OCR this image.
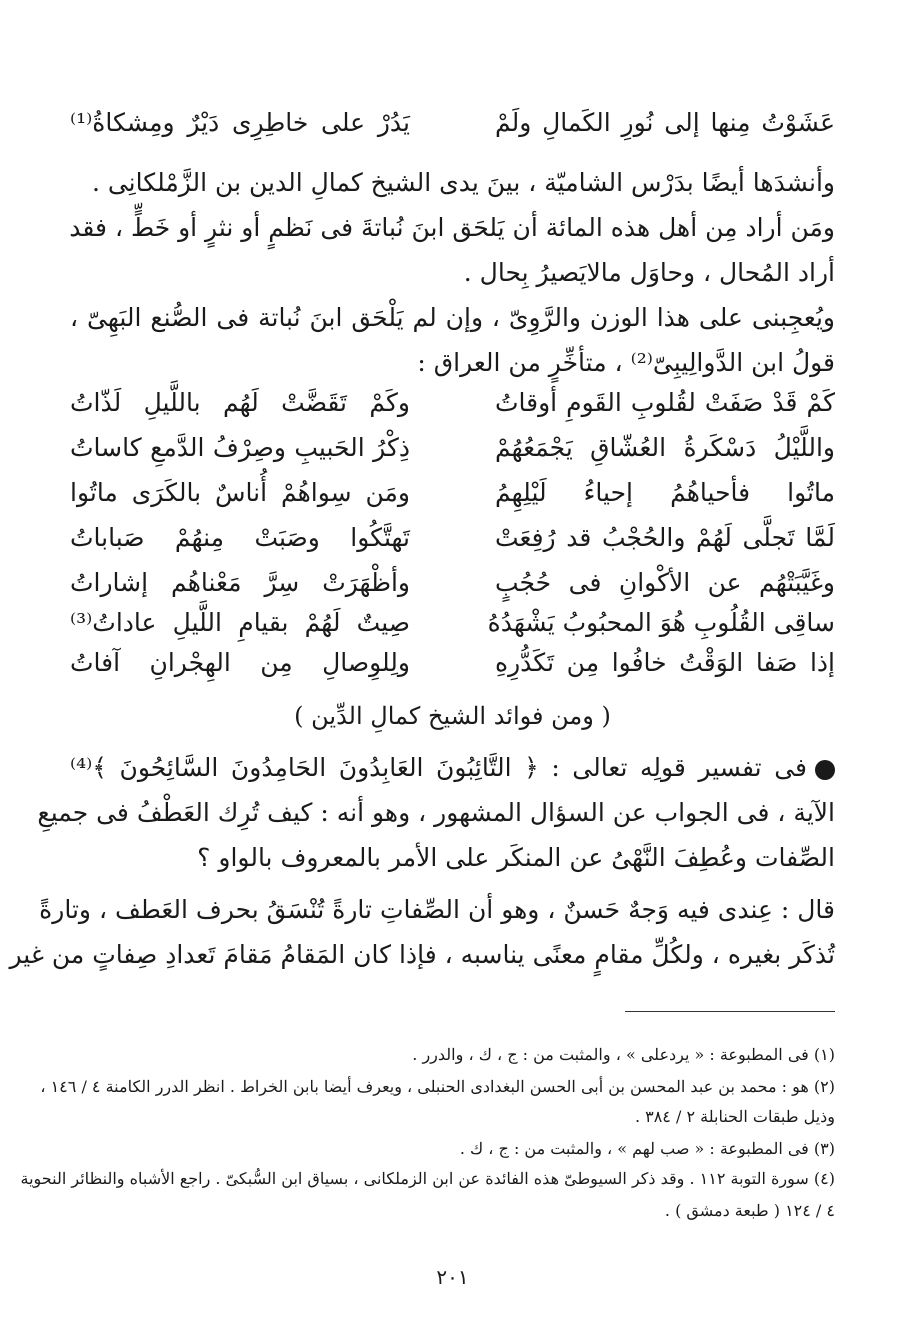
عَشَوْتُ مِنها إلى نُورِ الكَمالِ ولَمْ
يَدُرْ على خاطِرِى دَيْرٌ ومِشكاةُ⁽¹⁾
وأنشدَها أيضًا بدَرْس الشاميّة ، بينَ يدى الشيخ كمالِ الدين بن الزَّمْلكانِى .
ومَن أراد مِن أهل هذه المائة أن يَلحَق ابنَ نُباتةَ فى نَظمٍ أو نثرٍ أو خَطٍّ ، فقد
أراد المُحال ، وحاوَل مالايَصيرُ بِحال .
ويُعجِبنى على هذا الوزن والرَّوِىّ ، وإن لم يَلْحَق ابنَ نُباتة فى الصُّنع البَهِىّ ،
قولُ ابن الدَّوالِيبِىّ⁽²⁾ ، متأخِّرٍ من العراق :
كَمْ قَدْ صَفَتْ لقُلوبِ القَومِ أوقاتُ
وكَمْ تَقَضَّتْ لَهُم باللَّيلِ لَذّاتُ
واللَّيْلُ دَسْكَرةُ العُشّاقِ يَجْمَعُهُمْ
ذِكْرُ الحَبيبِ وصِرْفُ الدَّمعِ كاساتُ
ماتُوا فأحياهُمُ إحياءُ لَيْلِهِمُ
ومَن سِواهُمْ أُناسٌ بالكَرَى ماتُوا
لَمَّا تَجلَّى لَهُمْ والحُجْبُ قد رُفِعَتْ
تَهتَّكُوا وصَبَتْ مِنهُمْ صَباباتُ
وغَيَّبَتْهُم عن الأكْوانِ فى حُجُبٍ
وأظْهَرَتْ سِرَّ مَعْناهُم إشاراتُ
ساقِى القُلُوبِ هُوَ المحبُوبُ يَشْهَدُهُ
صِيتٌ لَهُمْ بقيامِ اللَّيلِ عاداتُ⁽³⁾
إذا صَفا الوَقْتُ خافُوا مِن تَكَدُّرِهِ
ولِلوِصالِ مِن الهِجْرانِ آفاتُ
( ومن فوائد الشيخ كمالِ الدِّين )
فى تفسير قولِه تعالى : ﴿ التَّائِبُونَ العَابِدُونَ الحَامِدُونَ السَّائِحُونَ ﴾⁽⁴⁾
الآية ، فى الجواب عن السؤال المشهور ، وهو أنه : كيف تُرِك العَطْفُ فى جميعِ
الصِّفات وعُطِفَ النَّهْىُ عن المنكَر على الأمر بالمعروف بالواو ؟
قال : عِندى فيه وَجهٌ حَسنٌ ، وهو أن الصِّفاتِ تارةً تُنْسَقُ بحرف العَطف ، وتارةً
تُذكَر بغيره ، ولكُلِّ مقامٍ معنًى يناسبه ، فإذا كان المَقامُ مَقامَ تَعدادِ صِفاتٍ من غير
(١) فى المطبوعة : « يردعلى » ، والمثبت من : ج ، ك ، والدرر .
(٢) هو : محمد بن عبد المحسن بن أبى الحسن البغدادى الحنبلى ، ويعرف أيضا بابن الخراط . انظر الدرر الكامنة ٤ / ١٤٦ ،
وذيل طبقات الحنابلة ٢ / ٣٨٤ .
(٣) فى المطبوعة : « صب لهم » ، والمثبت من : ج ، ك .
(٤) سورة التوبة ١١٢ . وقد ذكر السيوطىّ هذه الفائدة عن ابن الزملكانى ، بسياق ابن السُّبكىّ . راجع الأشباه والنظائر النحوية
٤ / ١٢٤ ( طبعة دمشق ) .
٢٠١
